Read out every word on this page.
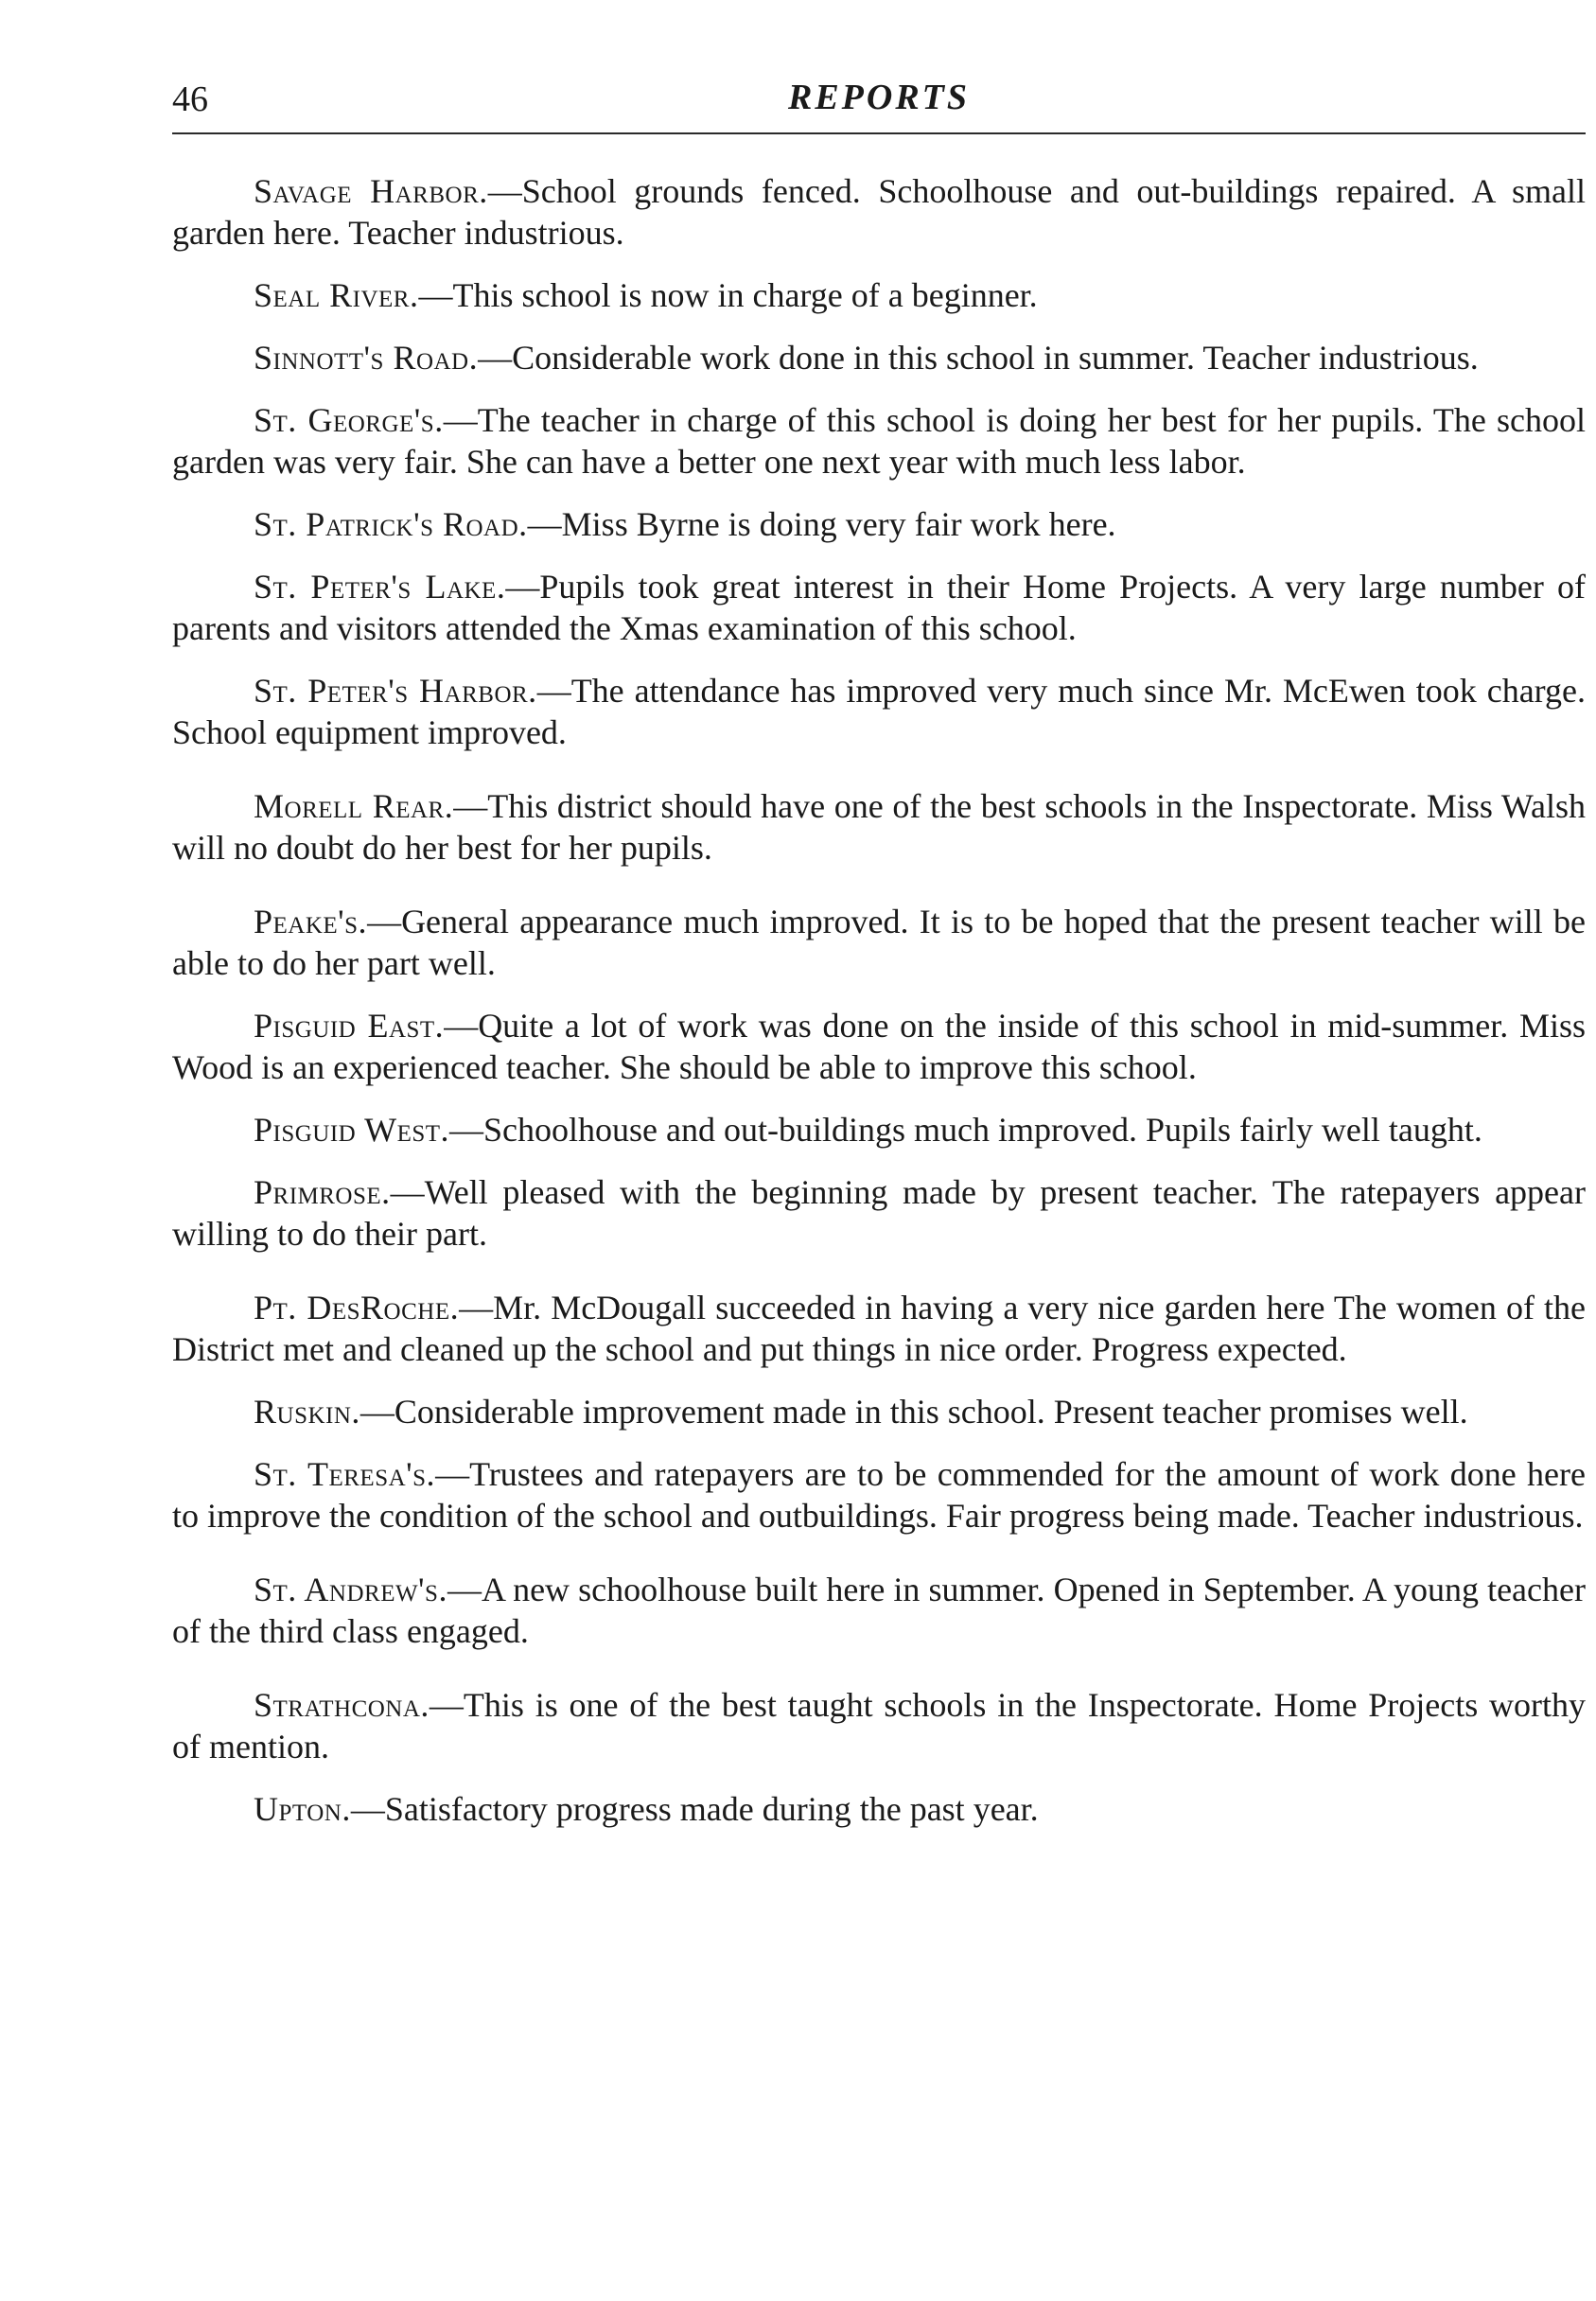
46	REPORTS

Savage Harbor.—School grounds fenced. Schoolhouse and out-buildings repaired. A small garden here. Teacher industrious.

Seal River.—This school is now in charge of a beginner.

Sinnott's Road.—Considerable work done in this school in summer. Teacher industrious.

St. George's.—The teacher in charge of this school is doing her best for her pupils. The school garden was very fair. She can have a better one next year with much less labor.

St. Patrick's Road.—Miss Byrne is doing very fair work here.

St. Peter's Lake.—Pupils took great interest in their Home Projects. A very large number of parents and visitors attended the Xmas examination of this school.

St. Peter's Harbor.—The attendance has improved very much since Mr. McEwen took charge. School equipment improved.

Morell Rear.—This district should have one of the best schools in the Inspectorate. Miss Walsh will no doubt do her best for her pupils.

Peake's.—General appearance much improved. It is to be hoped that the present teacher will be able to do her part well.

Pisguid East.—Quite a lot of work was done on the inside of this school in mid-summer. Miss Wood is an experienced teacher. She should be able to improve this school.

Pisguid West.—Schoolhouse and out-buildings much improved. Pupils fairly well taught.

Primrose.—Well pleased with the beginning made by present teacher. The ratepayers appear willing to do their part.

Pt. DesRoche.—Mr. McDougall succeeded in having a very nice garden here The women of the District met and cleaned up the school and put things in nice order. Progress expected.

Ruskin.—Considerable improvement made in this school. Present teacher promises well.

St. Teresa's.—Trustees and ratepayers are to be commended for the amount of work done here to improve the condition of the school and outbuildings. Fair progress being made. Teacher industrious.

St. Andrew's.—A new schoolhouse built here in summer. Opened in September. A young teacher of the third class engaged.

Strathcona.—This is one of the best taught schools in the Inspectorate. Home Projects worthy of mention.

Upton.—Satisfactory progress made during the past year.
